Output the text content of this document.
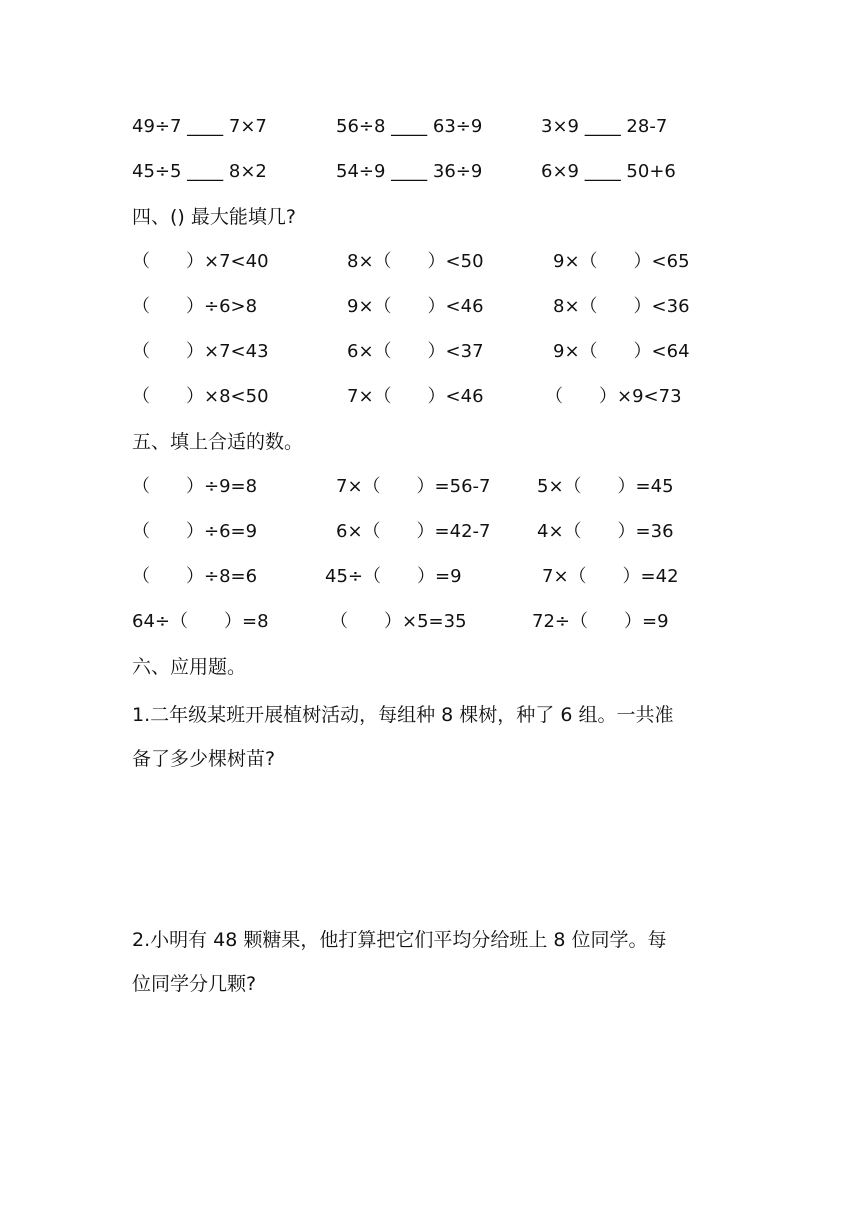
49÷7 ____ 7×7

	56÷8 ____ 63÷9

	3×9 ____ 28-7

45÷5 ____ 8×2

	54÷9 ____ 36÷9

	6×9 ____ 50+6

四、() 最大能填几?

（　　）×7<40

	8×（　　）<50

	9×（　　）<65

（　　）÷6>8

	9×（　　）<46

	8×（　　）<36

（　　）×7<43

	6×（　　）<37

	9×（　　）<64

（　　）×8<50

	7×（　　）<46

	（　　）×9<73

五、填上合适的数。

（　　）÷9=8

	7×（　　）=56-7

	5×（　　）=45

（　　）÷6=9

	6×（　　）=42-7

	4×（　　）=36

（　　）÷8=6

	45÷（　　）=9

	7×（　　）=42

64÷（　　）=8

	（　　）×5=35

	72÷（　　）=9

六、应用题。
1.二年级某班开展植树活动，每组种 8 棵树，种了 6 组。一共准
备了多少棵树苗?
2.小明有 48 颗糖果，他打算把它们平均分给班上 8 位同学。每
位同学分几颗?
